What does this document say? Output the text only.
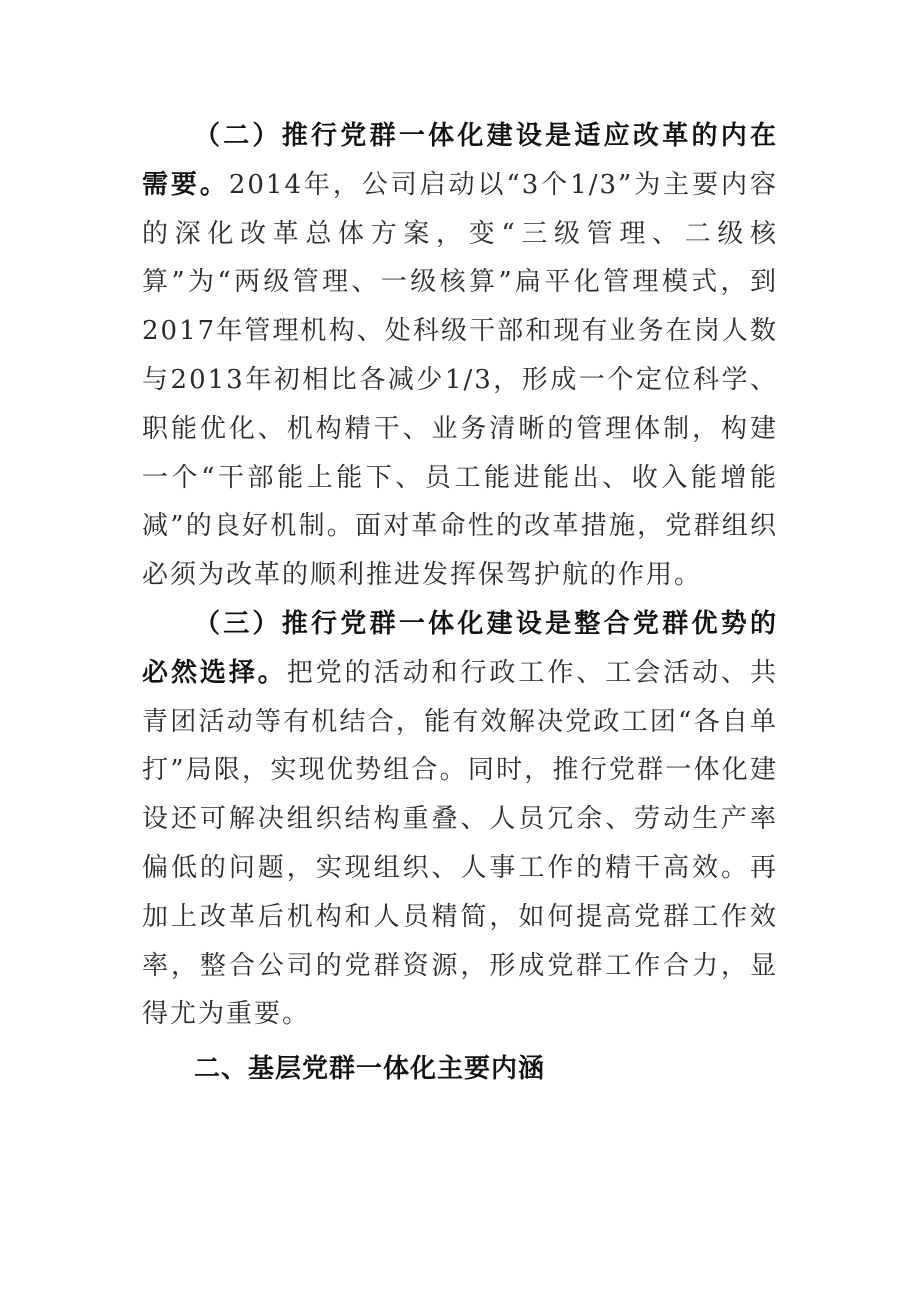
（二）推行党群一体化建设是适应改革的内在需要。2014年，公司启动以“3个1/3”为主要内容的深化改革总体方案，变“三级管理、二级核算”为“两级管理、一级核算”扁平化管理模式，到2017年管理机构、处科级干部和现有业务在岗人数与2013年初相比各减少1/3，形成一个定位科学、职能优化、机构精干、业务清晰的管理体制，构建一个“干部能上能下、员工能进能出、收入能增能减”的良好机制。面对革命性的改革措施，党群组织必须为改革的顺利推进发挥保驾护航的作用。

（三）推行党群一体化建设是整合党群优势的必然选择。把党的活动和行政工作、工会活动、共青团活动等有机结合，能有效解决党政工团“各自单打”局限，实现优势组合。同时，推行党群一体化建设还可解决组织结构重叠、人员冗余、劳动生产率偏低的问题，实现组织、人事工作的精干高效。再加上改革后机构和人员精简，如何提高党群工作效率，整合公司的党群资源，形成党群工作合力，显得尤为重要。

二、基层党群一体化主要内涵
